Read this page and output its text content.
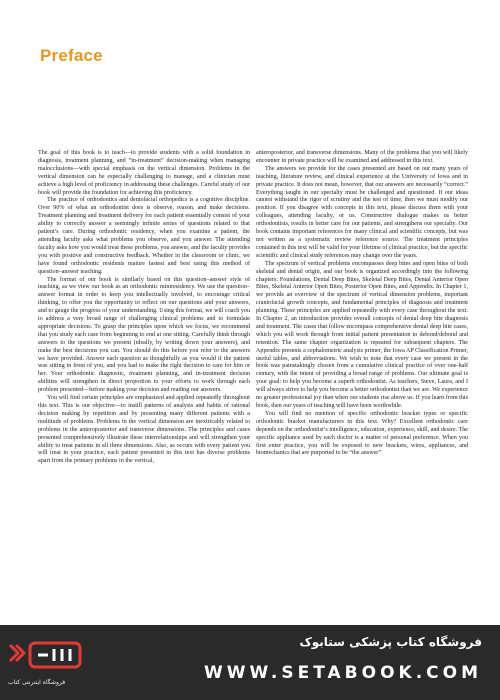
Preface

The goal of this book is to teach—to provide students with a solid foundation in diagnosis, treatment planning, and “in-treatment” decision-making when managing malocclusions—with special emphasis on the vertical dimension. Problems in the vertical dimension can be especially challenging to manage, and a clinician must achieve a high level of proficiency in addressing these challenges. Careful study of our book will provide the foundation for achieving this proficiency.

The practice of orthodontics and dentofacial orthopedics is a cognitive discipline. Over 90% of what an orthodontist does is observe, reason, and make decisions. Treatment planning and treatment delivery for each patient essentially consist of your ability to correctly answer a seemingly infinite series of questions related to that patient’s care. During orthodontic residency, when you examine a patient, the attending faculty asks what problems you observe, and you answer. The attending faculty asks how you would treat these problems, you answer, and the faculty provides you with positive and constructive feedback. Whether in the classroom or clinic, we have found orthodontic residents mature fastest and best using this method of question–answer teaching.

The format of our book is similarly based on this question–answer style of teaching, as we view our book as an orthodontic miniresidency. We use the question–answer format in order to keep you intellectually involved, to encourage critical thinking, to offer you the opportunity to reflect on our questions and your answers, and to gauge the progress of your understanding. Using this format, we will coach you to address a very broad range of challenging clinical problems and to formulate appropriate decisions. To grasp the principles upon which we focus, we recommend that you study each case from beginning to end at one sitting. Carefully think through answers to the questions we present (ideally, by writing down your answers), and make the best decisions you can. You should do this before you refer to the answers we have provided. Answer each question as thoughtfully as you would if the patient was sitting in front of you, and you had to make the right decision to care for him or her. Your orthodontic diagnostic, treatment planning, and in-treatment decision abilities will strengthen in direct proportion to your efforts to work through each problem presented—before making your decision and reading our answers.

You will find certain principles are emphasized and applied repeatedly throughout this text. This is our objective—to instill patterns of analysis and habits of rational decision making by repetition and by presenting many different patients with a multitude of problems. Problems in the vertical dimension are inextricably related to problems in the anteroposterior and transverse dimensions. The principles and cases presented comprehensively illustrate these interrelationships and will strengthen your ability to treat patients in all three dimensions. Also, as occurs with every patient you will treat in your practice, each patient presented in this text has diverse problems apart from the primary problems in the vertical,

anteroposterior, and transverse dimensions. Many of the problems that you will likely encounter in private practice will be examined and addressed in this text.

The answers we provide for the cases presented are based on our many years of teaching, literature review, and clinical experience at the University of Iowa and in private practice. It does not mean, however, that our answers are necessarily “correct.” Everything taught in our specialty must be challenged and questioned. If our ideas cannot withstand the rigor of scrutiny and the test of time, then we must modify our position. If you disagree with concepts in this text, please discuss them with your colleagues, attending faculty, or us. Constructive dialogue makes us better orthodontists, results in better care for our patients, and strengthens our specialty. Our book contains important references for many clinical and scientific concepts, but was not written as a systematic review reference source. The treatment principles contained in this text will be valid for your lifetime of clinical practice, but the specific scientific and clinical study references may change over the years.

The spectrum of vertical problems encompasses deep bites and open bites of both skeletal and dental origin, and our book is organized accordingly into the following chapters: Foundations, Dental Deep Bites, Skeletal Deep Bites, Dental Anterior Open Bites, Skeletal Anterior Open Bites, Posterior Open Bites, and Appendix. In Chapter 1, we provide an overview of the spectrum of vertical dimension problems, important craniofacial growth concepts, and fundamental principles of diagnosis and treatment planning. These principles are applied repeatedly with every case throughout the text. In Chapter 2, an introduction provides overall concepts of dental deep bite diagnosis and treatment. The cases that follow encompass comprehensive dental deep bite cases, which you will work through from initial patient presentation to debond/debond and retention. The same chapter organization is repeated for subsequent chapters. The Appendix presents a cephalometric analysis primer, the Iowa AP Classification Primer, useful tables, and abbreviations. We wish to note that every case we present in the book was painstakingly chosen from a cumulative clinical practice of over one-half century, with the intent of providing a broad range of problems. Our ultimate goal is your goal: to help you become a superb orthodontist. As teachers, Steve, Laura, and I will always strive to help you become a better orthodontist than we are. We experience no greater professional joy than when our students rise above us. If you learn from this book, then our years of teaching will have been worthwhile.

You will find no mention of specific orthodontic bracket types or specific orthodontic bracket manufacturers in this text. Why? Excellent orthodontic care depends on the orthodontist’s intelligence, education, experience, skill, and desire. The specific appliance used by each doctor is a matter of personal preference. When you first enter practice, you will be exposed to new brackets, wires, appliances, and biomechanics that are purported to be “the answer”

فروشگاه اینترنتی کتاب
فروشگاه کتاب پزشکی ستابوک
WWW.SETABOOK.COM
